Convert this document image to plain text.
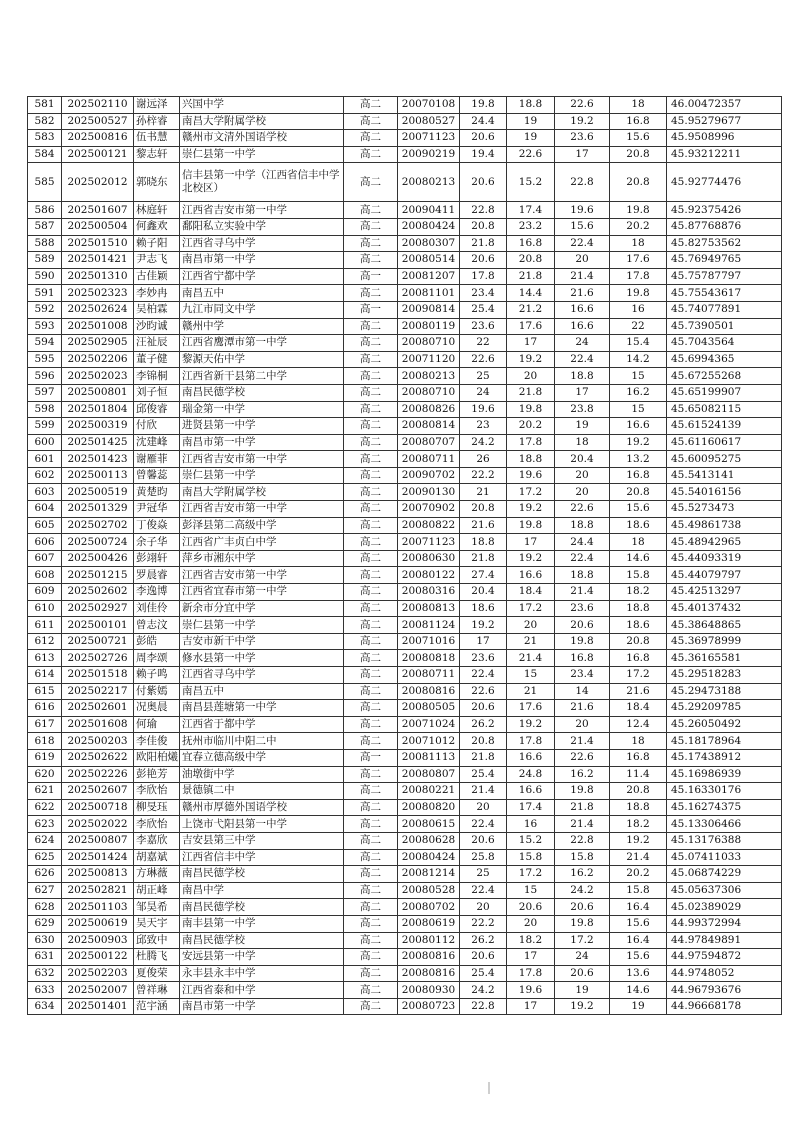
581	202502110	谢远泽	兴国中学	高二	20070108	19.8	18.8	22.6	18	46.00472357
582	202500527	孙梓睿	南昌大学附属学校	高二	20080527	24.4	19	19.2	16.8	45.95279677
583	202500816	伍书慧	赣州市文清外国语学校	高二	20071123	20.6	19	23.6	15.6	45.9508996
584	202500121	黎志轩	崇仁县第一中学	高二	20090219	19.4	22.6	17	20.8	45.93212211
585	202502012	郭晓东	信丰县第一中学（江西省信丰中学北校区）	高二	20080213	20.6	15.2	22.8	20.8	45.92774476
586	202501607	林庭轩	江西省吉安市第一中学	高二	20090411	22.8	17.4	19.6	19.8	45.92375426
587	202500504	何鑫欢	鄱阳私立实验中学	高二	20080424	20.8	23.2	15.6	20.2	45.87768876
588	202501510	赖子阳	江西省寻乌中学	高二	20080307	21.8	16.8	22.4	18	45.82753562
589	202501421	尹志飞	南昌市第一中学	高二	20080514	20.6	20.8	20	17.6	45.76949765
590	202501310	古佳颖	江西省宁都中学	高一	20081207	17.8	21.8	21.4	17.8	45.75787797
591	202502323	李妙冉	南昌五中	高二	20081101	23.4	14.4	21.6	19.8	45.75543617
592	202502624	吴柏霖	九江市同文中学	高一	20090814	25.4	21.2	16.6	16	45.74077891
593	202501008	沙昀诚	赣州中学	高二	20080119	23.6	17.6	16.6	22	45.7390501
594	202502905	汪祉辰	江西省鹰潭市第一中学	高二	20080710	22	17	24	15.4	45.7043564
595	202502206	董子健	黎源天佑中学	高二	20071120	22.6	19.2	22.4	14.2	45.6994365
596	202502023	李锦桐	江西省新干县第二中学	高二	20080213	25	20	18.8	15	45.67255268
597	202500801	刘子恒	南昌民德学校	高二	20080710	24	21.8	17	16.2	45.65199907
598	202501804	邱俊睿	瑞金第一中学	高二	20080826	19.6	19.8	23.8	15	45.65082115
599	202500319	付欣	进贤县第一中学	高二	20080814	23	20.2	19	16.6	45.61524139
600	202501425	沈建峰	南昌市第一中学	高二	20080707	24.2	17.8	18	19.2	45.61160617
601	202501423	谢雁菲	江西省吉安市第一中学	高二	20080711	26	18.8	20.4	13.2	45.60095275
602	202500113	曾馨蕊	崇仁县第一中学	高二	20090702	22.2	19.6	20	16.8	45.5413141
603	202500519	黄楚昀	南昌大学附属学校	高二	20090130	21	17.2	20	20.8	45.54016156
604	202501329	尹冠华	江西省吉安市第一中学	高二	20070902	20.8	19.2	22.6	15.6	45.5273473
605	202502702	丁俊焱	彭泽县第二高级中学	高二	20080822	21.6	19.8	18.8	18.6	45.49861738
606	202500724	余子华	江西省广丰贞白中学	高二	20071123	18.8	17	24.4	18	45.48942965
607	202500426	彭翊轩	萍乡市湘东中学	高二	20080630	21.8	19.2	22.4	14.6	45.44093319
608	202501215	罗晨睿	江西省吉安市第一中学	高二	20080122	27.4	16.6	18.8	15.8	45.44079797
609	202502602	李逸博	江西省宜春市第一中学	高二	20080316	20.4	18.4	21.4	18.2	45.42513297
610	202502927	刘佳伶	新余市分宜中学	高二	20080813	18.6	17.2	23.6	18.8	45.40137432
611	202500101	曾志汶	崇仁县第一中学	高二	20081124	19.2	20	20.6	18.6	45.38648865
612	202500721	彭皓	吉安市新干中学	高二	20071016	17	21	19.8	20.8	45.36978999
613	202502726	周李颂	修水县第一中学	高二	20080818	23.6	21.4	16.8	16.8	45.36165581
614	202501518	赖子鸣	江西省寻乌中学	高二	20080711	22.4	15	23.4	17.2	45.29518283
615	202502217	付紫嫣	南昌五中	高二	20080816	22.6	21	14	21.6	45.29473188
616	202502601	况奥晨	南昌县莲塘第一中学	高二	20080505	20.6	17.6	21.6	18.4	45.29209785
617	202501608	何瑜	江西省于都中学	高二	20071024	26.2	19.2	20	12.4	45.26050492
618	202500203	李佳俊	抚州市临川中阳二中	高二	20071012	20.8	17.8	21.4	18	45.18178964
619	202502622	欧阳柏爔	宜春立德高级中学	高一	20081113	21.8	16.6	22.6	16.8	45.17438912
620	202502226	彭艳芳	油墩街中学	高二	20080807	25.4	24.8	16.2	11.4	45.16986939
621	202502607	李欣怡	景德镇二中	高二	20080221	21.4	16.6	19.8	20.8	45.16330176
622	202500718	柳旻珏	赣州市厚德外国语学校	高二	20080820	20	17.4	21.8	18.8	45.16274375
623	202502022	李欣怡	上饶市弋阳县第一中学	高二	20080615	22.4	16	21.4	18.2	45.13306466
624	202500807	李嘉欣	吉安县第三中学	高二	20080628	20.6	15.2	22.8	19.2	45.13176388
625	202501424	胡嘉斌	江西省信丰中学	高二	20080424	25.8	15.8	15.8	21.4	45.07411033
626	202500813	方琳薇	南昌民德学校	高二	20081214	25	17.2	16.2	20.2	45.06874229
627	202502821	胡正峰	南昌中学	高二	20080528	22.4	15	24.2	15.8	45.05637306
628	202501103	邹昊希	南昌民德学校	高二	20080702	20	20.6	20.6	16.4	45.02389029
629	202500619	吴天宇	南丰县第一中学	高二	20080619	22.2	20	19.8	15.6	44.99372994
630	202500903	邱致中	南昌民德学校	高二	20080112	26.2	18.2	17.2	16.4	44.97849891
631	202500122	杜腾飞	安远县第一中学	高二	20080816	20.6	17	24	15.6	44.97594872
632	202502203	夏俊荣	永丰县永丰中学	高二	20080816	25.4	17.8	20.6	13.6	44.9748052
633	202502007	曾祥琳	江西省泰和中学	高二	20080930	24.2	19.6	19	14.6	44.96793676
634	202501401	范宇涵	南昌市第一中学	高二	20080723	22.8	17	19.2	19	44.96668178
